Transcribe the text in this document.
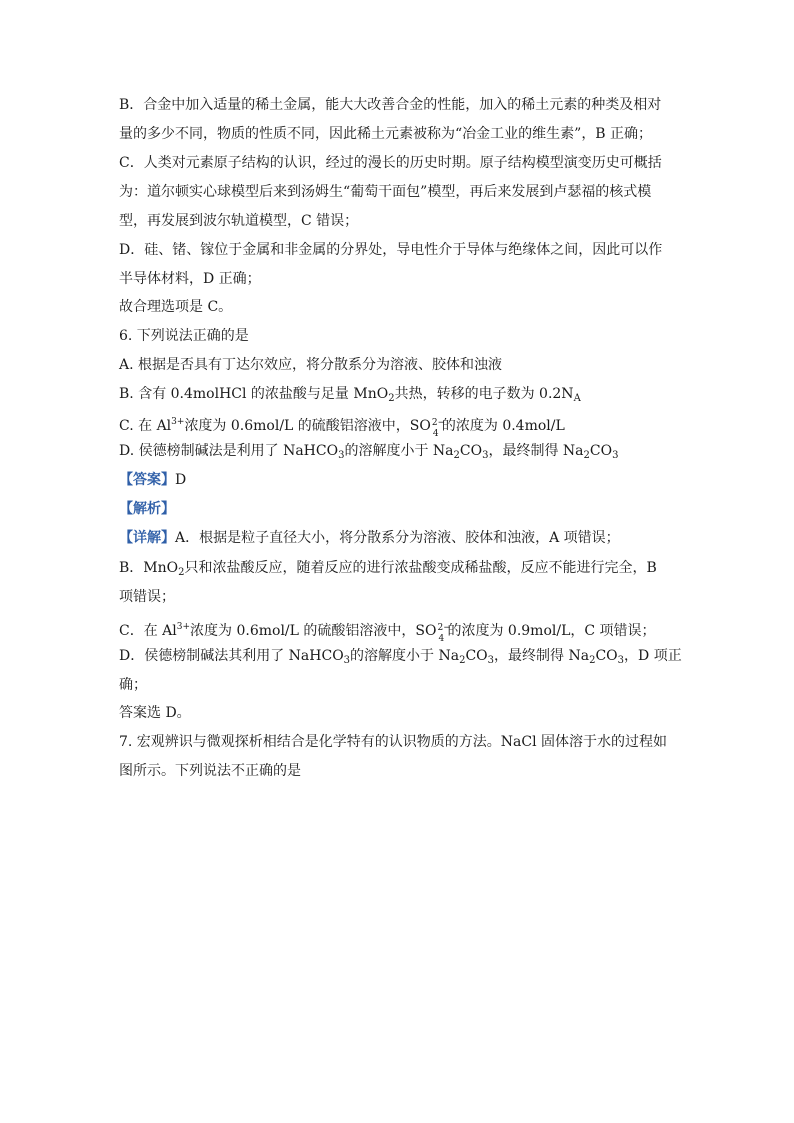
B．合金中加入适量的稀土金属，能大大改善合金的性能，加入的稀土元素的种类及相对
量的多少不同，物质的性质不同，因此稀土元素被称为“冶金工业的维生素”，B 正确；
C．人类对元素原子结构的认识，经过的漫长的历史时期。原子结构模型演变历史可概括
为：道尔顿实心球模型后来到汤姆生“葡萄干面包”模型，再后来发展到卢瑟福的核式模
型，再发展到波尔轨道模型，C 错误；
D．硅、锗、镓位于金属和非金属的分界处，导电性介于导体与绝缘体之间，因此可以作
半导体材料，D 正确；
故合理选项是 C。
6. 下列说法正确的是
A. 根据是否具有丁达尔效应，将分散系分为溶液、胶体和浊液
B. 含有 0.4molHCl 的浓盐酸与足量 MnO$_2$共热，转移的电子数为 $0.2N_A$
C. 在 $Al^{3+}$浓度为 0.6mol/L 的硫酸铝溶液中，SO 2−
4 的浓度为 0.4mol/L
D. 侯德榜制碱法是利用了 NaHCO$_3$的溶解度小于 $Na_2CO_3$，最终制得 $Na_2CO_3$
【答案】D
【解析】
【详解】A．根据是粒子直径大小，将分散系分为溶液、胶体和浊液，A 项错误；
B．MnO$_2$只和浓盐酸反应，随着反应的进行浓盐酸变成稀盐酸，反应不能进行完全，B
项错误；
C．在 $Al^{3+}$浓度为 0.6mol/L 的硫酸铝溶液中，SO 2−
4 的浓度为 0.9mol/L，C 项错误；
D．侯德榜制碱法其利用了 NaHCO$_3$的溶解度小于 $Na_2CO_3$，最终制得 $Na_2CO_3$，D 项正
确；
答案选 D。
7. 宏观辨识与微观探析相结合是化学特有的认识物质的方法。NaCl 固体溶于水的过程如
图所示。下列说法不正确的是
